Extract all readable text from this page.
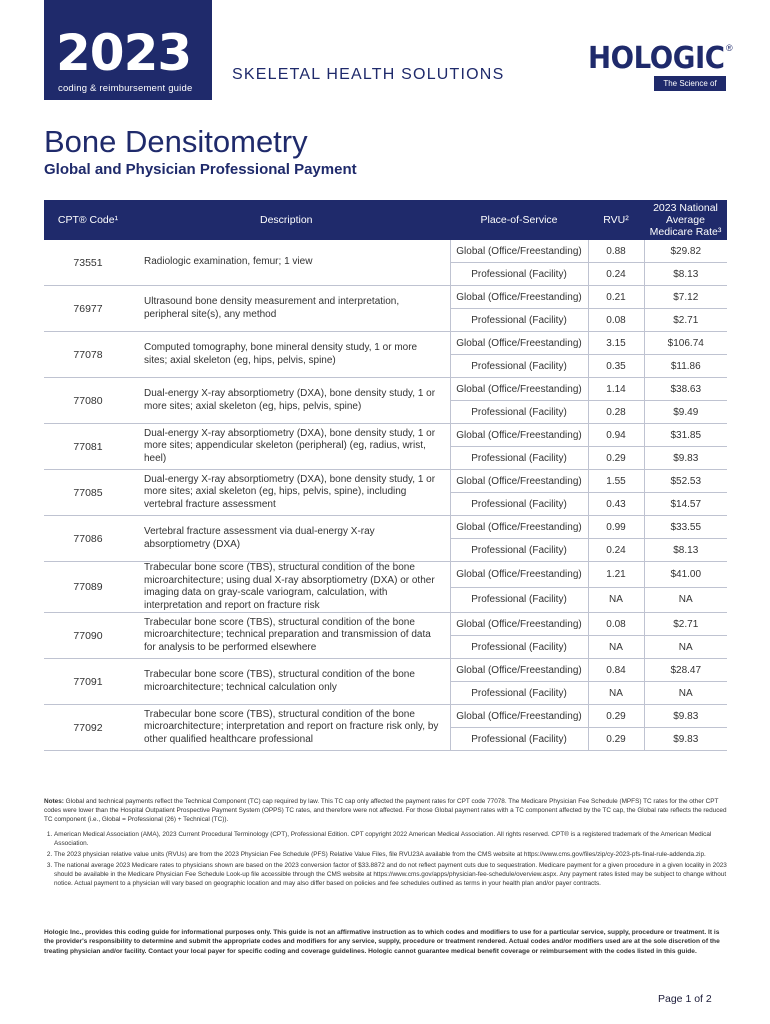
2023
coding & reimbursement guide
SKELETAL HEALTH SOLUTIONS	HOLOGIC ®
The Science of Sure
Bone Densitometry
Global and Physician Professional Payment
CPT® Code¹	Description	Place-of-Service	RVU²	2023 National Average Medicare Rate³
73551	Radiologic examination, femur; 1 view	Global (Office/Freestanding)	0.88	$29.82
		Professional (Facility)	0.24	$8.13
76977	Ultrasound bone density measurement and interpretation, peripheral site(s), any method	Global (Office/Freestanding)	0.21	$7.12
		Professional (Facility)	0.08	$2.71
77078	Computed tomography, bone mineral density study, 1 or more sites; axial skeleton (eg, hips, pelvis, spine)	Global (Office/Freestanding)	3.15	$106.74
		Professional (Facility)	0.35	$11.86
77080	Dual-energy X-ray absorptiometry (DXA), bone density study, 1 or more sites; axial skeleton (eg, hips, pelvis, spine)	Global (Office/Freestanding)	1.14	$38.63
		Professional (Facility)	0.28	$9.49
77081	Dual-energy X-ray absorptiometry (DXA), bone density study, 1 or more sites; appendicular skeleton (peripheral) (eg, radius, wrist, heel)	Global (Office/Freestanding)	0.94	$31.85
		Professional (Facility)	0.29	$9.83
77085	Dual-energy X-ray absorptiometry (DXA), bone density study, 1 or more sites; axial skeleton (eg, hips, pelvis, spine), including vertebral fracture assessment	Global (Office/Freestanding)	1.55	$52.53
		Professional (Facility)	0.43	$14.57
77086	Vertebral fracture assessment via dual-energy X-ray absorptiometry (DXA)	Global (Office/Freestanding)	0.99	$33.55
		Professional (Facility)	0.24	$8.13
77089	Trabecular bone score (TBS), structural condition of the bone microarchitecture; using dual X-ray absorptiometry (DXA) or other imaging data on gray-scale variogram, calculation, with interpretation and report on fracture risk	Global (Office/Freestanding)	1.21	$41.00
		Professional (Facility)	NA	NA
77090	Trabecular bone score (TBS), structural condition of the bone microarchitecture; technical preparation and transmission of data for analysis to be performed elsewhere	Global (Office/Freestanding)	0.08	$2.71
		Professional (Facility)	NA	NA
77091	Trabecular bone score (TBS), structural condition of the bone microarchitecture; technical calculation only	Global (Office/Freestanding)	0.84	$28.47
		Professional (Facility)	NA	NA
77092	Trabecular bone score (TBS), structural condition of the bone microarchitecture; interpretation and report on fracture risk only, by other qualified healthcare professional	Global (Office/Freestanding)	0.29	$9.83
		Professional (Facility)	0.29	$9.83

Notes: Global and technical payments reflect the Technical Component (TC) cap required by law. This TC cap only affected the payment rates for CPT code 77078. The Medicare Physician Fee Schedule (MPFS) TC rates for the other CPT codes were lower than the Hospital Outpatient Prospective Payment System (OPPS) TC rates, and therefore were not affected. For those Global payment rates with a TC component affected by the TC cap, the Global rate reflects the reduced TC component (i.e., Global = Professional (26) + Technical (TC)).

1. American Medical Association (AMA), 2023 Current Procedural Terminology (CPT), Professional Edition. CPT copyright 2022 American Medical Association. All rights reserved. CPT® is a registered trademark of the American Medical Association.
2. The 2023 physician relative value units (RVUs) are from the 2023 Physician Fee Schedule (PFS) Relative Value Files, file RVU23A available from the CMS website at https://www.cms.gov/files/zip/cy-2023-pfs-final-rule-addenda.zip.
3. The national average 2023 Medicare rates to physicians shown are based on the 2023 conversion factor of $33.8872 and do not reflect payment cuts due to sequestration. Medicare payment for a given procedure in a given locality in 2023 should be available in the Medicare Physician Fee Schedule Look-up file accessible through the CMS website at https://www.cms.gov/apps/physician-fee-schedule/overview.aspx. Any payment rates listed may be subject to change without notice. Actual payment to a physician will vary based on geographic location and may also differ based on policies and fee schedules outlined as terms in your health plan and/or payer contracts.
Hologic Inc., provides this coding guide for informational purposes only. This guide is not an affirmative instruction as to which codes and modifiers to use for a particular service, supply, procedure or treatment. It is the provider's responsibility to determine and submit the appropriate codes and modifiers for any service, supply, procedure or treatment rendered. Actual codes and/or modifiers used are at the sole discretion of the treating physician and/or facility. Contact your local payer for specific coding and coverage guidelines. Hologic cannot guarantee medical benefit coverage or reimbursement with the codes listed in this guide.
Page 1 of 2
